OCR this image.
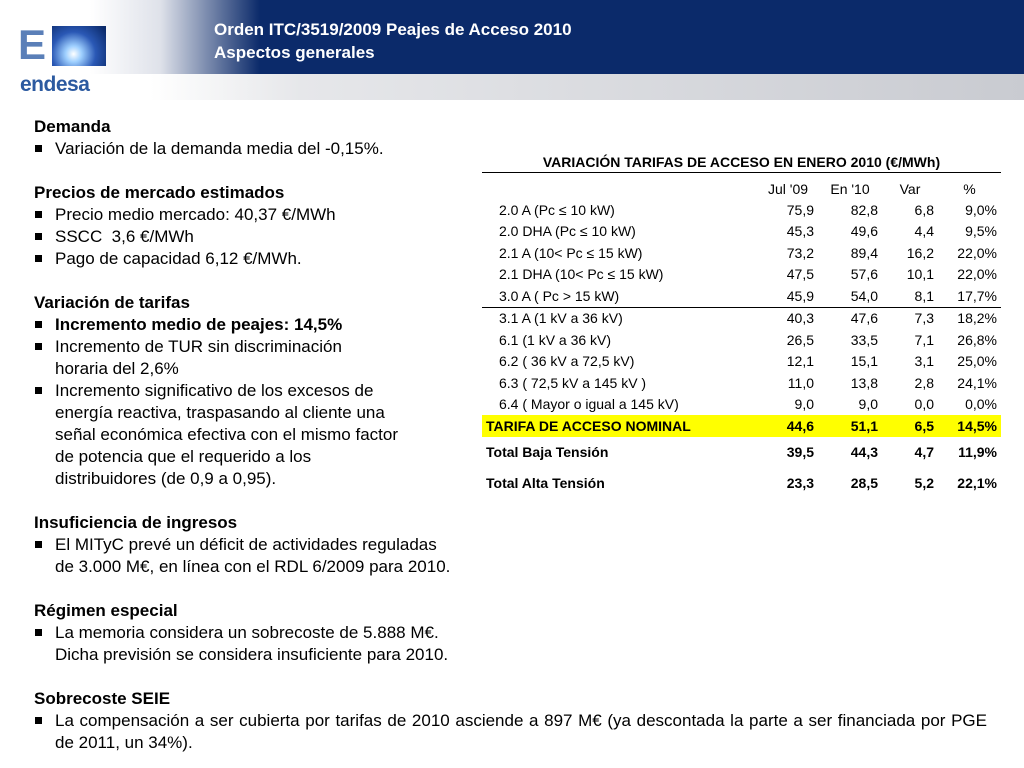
E
endesa
Orden ITC/3519/2009 Peajes de Acceso 2010
Aspectos generales
Demanda
Variación de la demanda media del -0,15%.
Precios de mercado estimados
Precio medio mercado: 40,37 €/MWh
SSCC  3,6 €/MWh
Pago de capacidad 6,12 €/MWh.
Variación de tarifas
Incremento medio de peajes: 14,5%
Incremento de TUR sin discriminación
horaria del 2,6%
Incremento significativo de los excesos de
energía reactiva, traspasando al cliente una
señal económica efectiva con el mismo factor
de potencia que el requerido a los
distribuidores (de 0,9 a 0,95).
Insuficiencia de ingresos
El MITyC prevé un déficit de actividades reguladas
de 3.000 M€, en línea con el RDL 6/2009 para 2010.
Régimen especial
La memoria considera un sobrecoste de 5.888 M€.
Dicha previsión se considera insuficiente para 2010.
Sobrecoste SEIE
La compensación a ser cubierta por tarifas de 2010 asciende a 897 M€ (ya descontada la parte a ser financiada por PGE de 2011, un 34%).
VARIACIÓN TARIFAS DE ACCESO EN ENERO 2010 (€/MWh)
	Jul '09	En '10	Var	%
2.0 A (Pc ≤ 10 kW)	75,9	82,8	6,8	9,0%
2.0 DHA (Pc ≤ 10 kW)	45,3	49,6	4,4	9,5%
2.1 A (10< Pc ≤ 15 kW)	73,2	89,4	16,2	22,0%
2.1 DHA (10< Pc ≤ 15 kW)	47,5	57,6	10,1	22,0%
3.0 A ( Pc > 15 kW)	45,9	54,0	8,1	17,7%
3.1 A (1 kV a 36 kV)	40,3	47,6	7,3	18,2%
6.1 (1 kV a 36 kV)	26,5	33,5	7,1	26,8%
6.2 ( 36 kV a 72,5 kV)	12,1	15,1	3,1	25,0%
6.3 ( 72,5 kV a 145 kV )	11,0	13,8	2,8	24,1%
6.4 ( Mayor o igual a 145 kV)	9,0	9,0	0,0	0,0%
TARIFA DE ACCESO NOMINAL	44,6	51,1	6,5	14,5%
Total Baja Tensión	39,5	44,3	4,7	11,9%
Total Alta Tensión	23,3	28,5	5,2	22,1%
